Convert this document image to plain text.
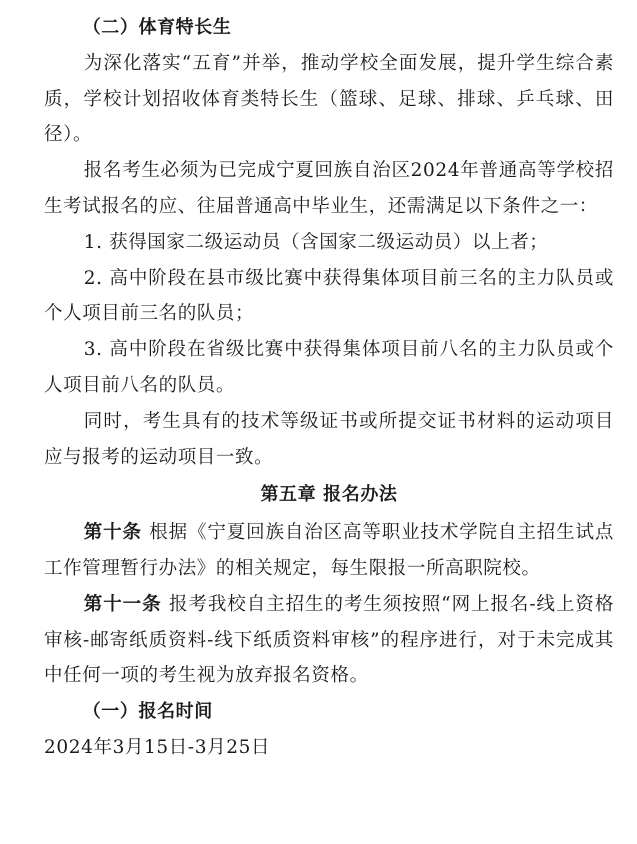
（二）体育特长生

为深化落实“五育”并举，推动学校全面发展，提升学生综合素质，学校计划招收体育类特长生（篮球、足球、排球、乒乓球、田径）。

报名考生必须为已完成宁夏回族自治区2024年普通高等学校招生考试报名的应、往届普通高中毕业生，还需满足以下条件之一：

1. 获得国家二级运动员（含国家二级运动员）以上者；

2. 高中阶段在县市级比赛中获得集体项目前三名的主力队员或个人项目前三名的队员；

3. 高中阶段在省级比赛中获得集体项目前八名的主力队员或个人项目前八名的队员。

同时，考生具有的技术等级证书或所提交证书材料的运动项目应与报考的运动项目一致。

第五章 报名办法

第十条 根据《宁夏回族自治区高等职业技术学院自主招生试点工作管理暂行办法》的相关规定，每生限报一所高职院校。

第十一条 报考我校自主招生的考生须按照“网上报名-线上资格审核-邮寄纸质资料-线下纸质资料审核”的程序进行，对于未完成其中任何一项的考生视为放弃报名资格。

（一）报名时间

2024年3月15日-3月25日
